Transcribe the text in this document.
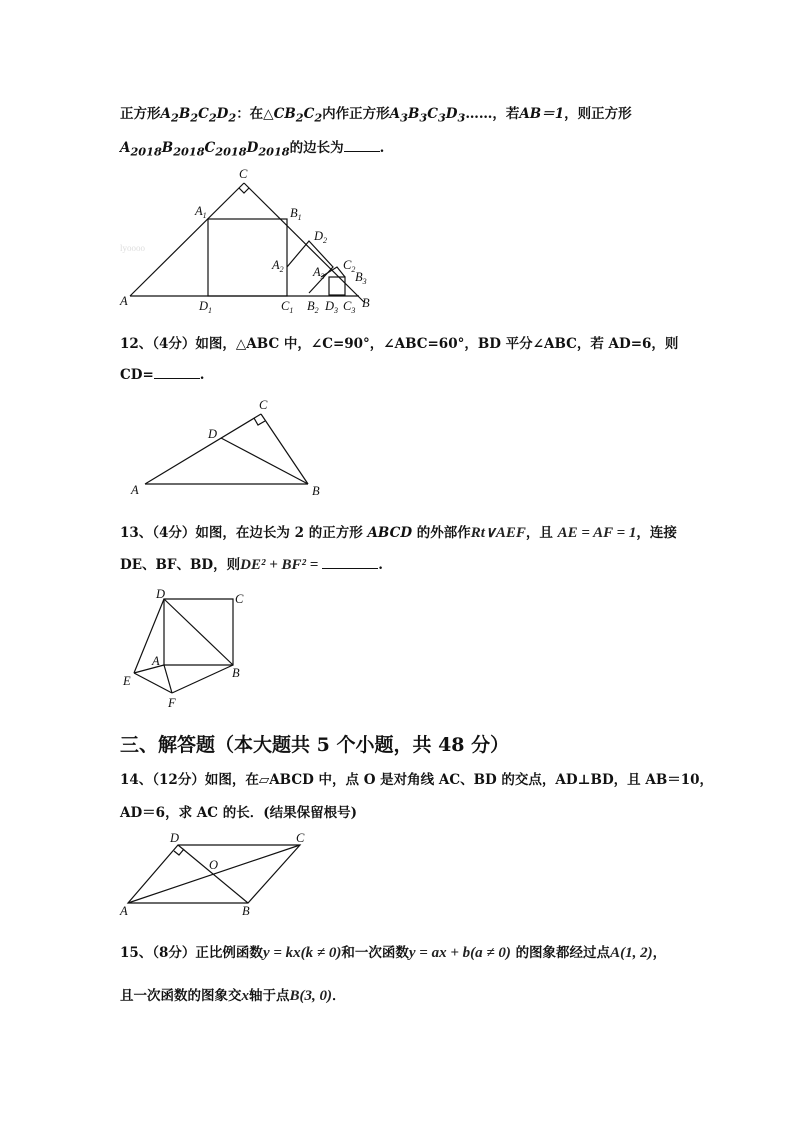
正方形$A_2B_2C_2D_2$：在$\triangle CB_2C_2$内作正方形$A_3B_3C_3D_3\dots\dots$，若AB＝1，则正方形
$A_{2018}B_{2018}C_{2018}D_{2018}$的边长为	.
C
$A_1$	$B_1$
$D_2$
$A_2$ $A_3$
$C_2$
$B_3$
A	$D_1$	$C_1$ $B_2$ $D_3$ $C_3$
B
lyoooo
12、（4分）如图，△ABC 中，∠C=90°，∠ABC=60°，BD 平分∠ABC，若 AD=6，则
CD=	.
C
D
A	B
13、（4分）如图，在边长为 2 的正方形 ABCD 的外部作Rt∨AEF，且 AE = AF = 1，连接
DE、BF、BD，则DE² + BF² =	.
D	C
A
B
E
F
三、解答题（本大题共 5 个小题，共 48 分）
14、（12分）如图，在▱ABCD 中，点 O 是对角线 AC、BD 的交点，AD⊥BD，且 AB＝10，
AD＝6，求 AC 的长．(结果保留根号)
D	C
O
A	B
15、（8分）正比例函数y = kx(k ≠ 0)和一次函数y = ax + b(a ≠ 0) 的图象都经过点A(1, 2)，
且一次函数的图象交x轴于点B(3, 0)．
